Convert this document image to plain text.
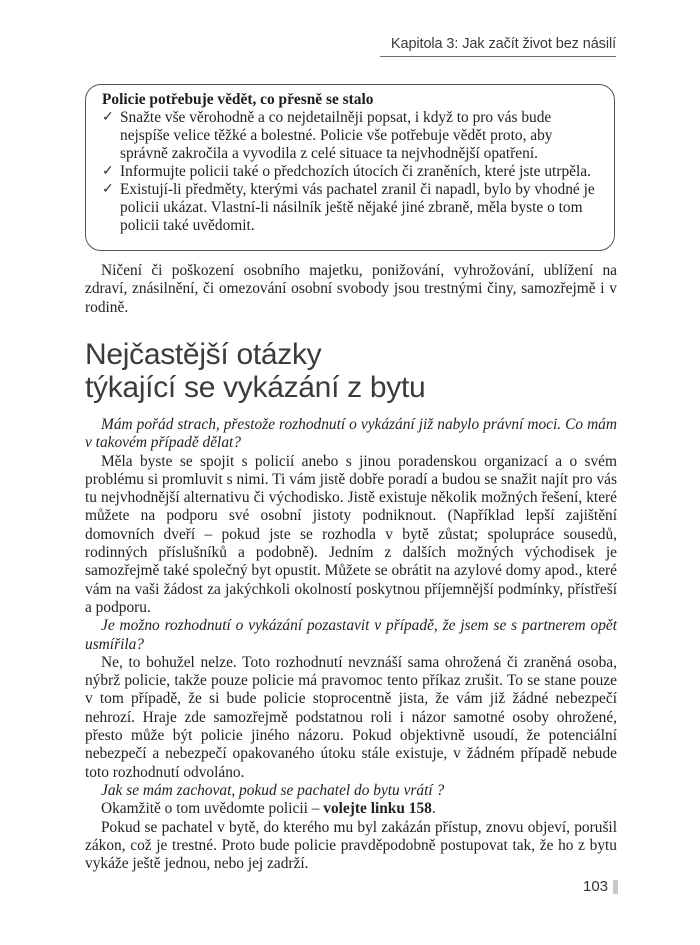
Kapitola 3: Jak začít život bez násilí

Policie potřebuje vědět, co přesně se stalo

✓ Snažte vše věrohodně a co nejdetailněji popsat, i když to pro vás bude nejspíše velice těžké a bolestné. Policie vše potřebuje vědět proto, aby správně zakročila a vyvodila z celé situace ta nejvhodnější opatření.
✓ Informujte policii také o předchozích útocích či zraněních, které jste utrpěla.
✓ Existují-li předměty, kterými vás pachatel zranil či napadl, bylo by vhodné je policii ukázat. Vlastní-li násilník ještě nějaké jiné zbraně, měla byste o tom policii také uvědomit.

Ničení či poškození osobního majetku, ponižování, vyhrožování, ublížení na zdraví, znásilnění, či omezování osobní svobody jsou trestnými činy, samozřejmě i v rodině.

Nejčastější otázky
týkající se vykázání z bytu

Mám pořád strach, přestože rozhodnutí o vykázání již nabylo právní moci. Co mám v takovém případě dělat?

Měla byste se spojit s policií anebo s jinou poradenskou organizací a o svém problému si promluvit s nimi. Ti vám jistě dobře poradí a budou se snažit najít pro vás tu nejvhodnější alternativu či východisko. Jistě existuje několik možných řešení, které můžete na podporu své osobní jistoty podniknout. (Například lepší zajištění domovních dveří – pokud jste se rozhodla v bytě zůstat; spolupráce sousedů, rodinných příslušníků a podobně). Jedním z dalších možných východisek je samozřejmě také společný byt opustit. Můžete se obrátit na azylové domy apod., které vám na vaši žádost za jakýchkoli okolností poskytnou příjemnější podmínky, přístřeší a podporu.

Je možno rozhodnutí o vykázání pozastavit v případě, že jsem se s partnerem opět usmířila?

Ne, to bohužel nelze. Toto rozhodnutí nevznáší sama ohrožená či zraněná osoba, nýbrž policie, takže pouze policie má pravomoc tento příkaz zrušit. To se stane pouze v tom případě, že si bude policie stoprocentně jista, že vám již žádné nebezpečí nehrozí. Hraje zde samozřejmě podstatnou roli i názor samotné osoby ohrožené, přesto může být policie jiného názoru. Pokud objektivně usoudí, že potenciální nebezpečí a nebezpečí opakovaného útoku stále existuje, v žádném případě nebude toto rozhodnutí odvoláno.

Jak se mám zachovat, pokud se pachatel do bytu vrátí ?

Okamžitě o tom uvědomte policii – volejte linku 158.

Pokud se pachatel v bytě, do kterého mu byl zakázán přístup, znovu objeví, porušil zákon, což je trestné. Proto bude policie pravděpodobně postupovat tak, že ho z bytu vykáže ještě jednou, nebo jej zadrží.

103
